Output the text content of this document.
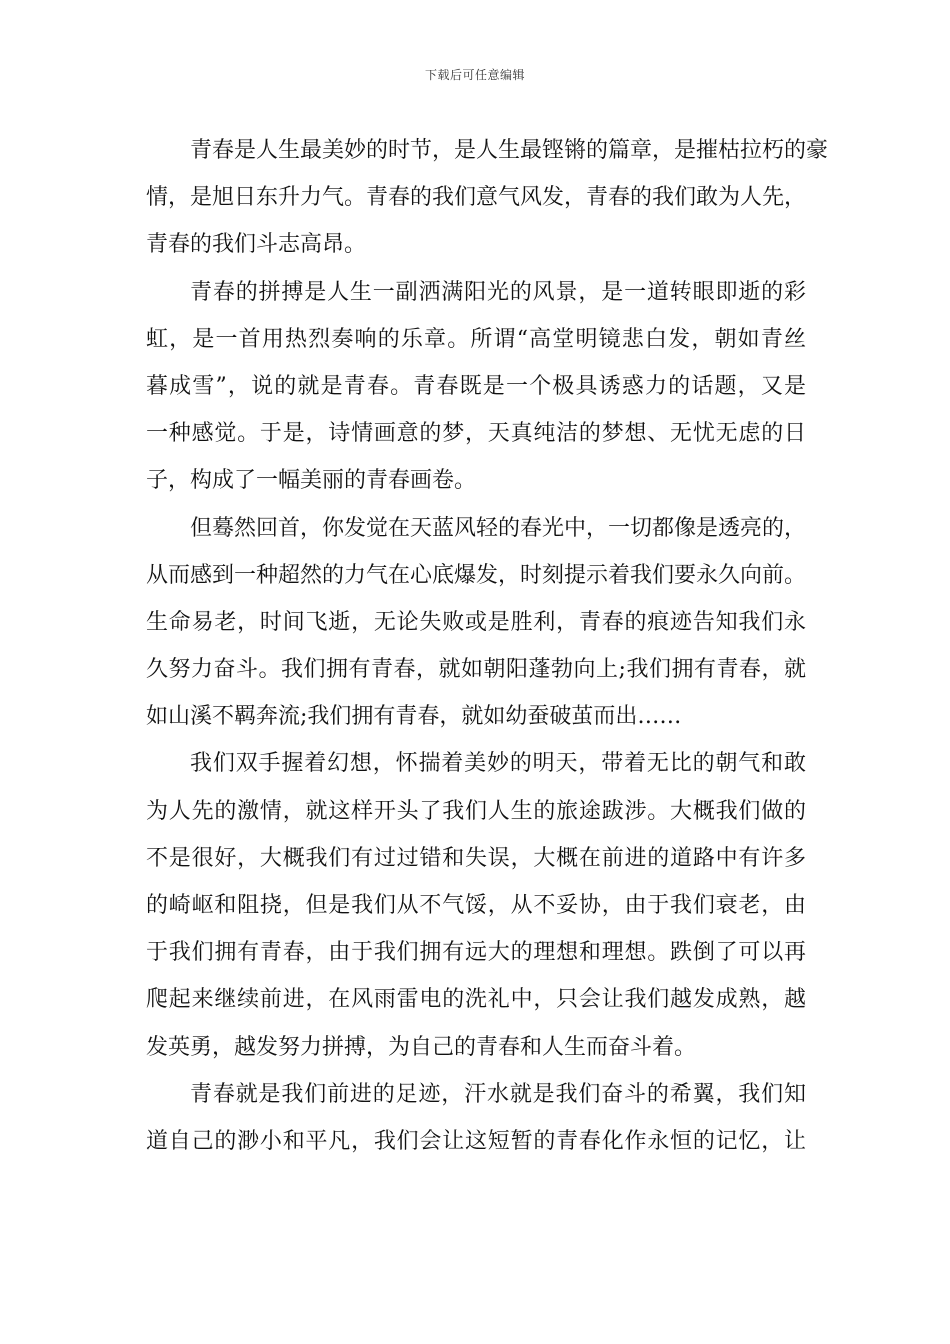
下载后可任意编辑
青春是人生最美妙的时节，是人生最铿锵的篇章，是摧枯拉朽的豪
情，是旭日东升力气。青春的我们意气风发，青春的我们敢为人先，
青春的我们斗志高昂。
青春的拼搏是人生一副洒满阳光的风景，是一道转眼即逝的彩
虹，是一首用热烈奏响的乐章。所谓“高堂明镜悲白发，朝如青丝
暮成雪”，说的就是青春。青春既是一个极具诱惑力的话题，又是
一种感觉。于是，诗情画意的梦，天真纯洁的梦想、无忧无虑的日
子，构成了一幅美丽的青春画卷。
但蓦然回首，你发觉在天蓝风轻的春光中，一切都像是透亮的，
从而感到一种超然的力气在心底爆发，时刻提示着我们要永久向前。
生命易老，时间飞逝，无论失败或是胜利，青春的痕迹告知我们永
久努力奋斗。我们拥有青春，就如朝阳蓬勃向上;我们拥有青春，就
如山溪不羁奔流;我们拥有青春，就如幼蚕破茧而出……
我们双手握着幻想，怀揣着美妙的明天，带着无比的朝气和敢
为人先的激情，就这样开头了我们人生的旅途跋涉。大概我们做的
不是很好，大概我们有过过错和失误，大概在前进的道路中有许多
的崎岖和阻挠，但是我们从不气馁，从不妥协，由于我们衰老，由
于我们拥有青春，由于我们拥有远大的理想和理想。跌倒了可以再
爬起来继续前进，在风雨雷电的洗礼中，只会让我们越发成熟，越
发英勇，越发努力拼搏，为自己的青春和人生而奋斗着。
青春就是我们前进的足迹，汗水就是我们奋斗的希翼，我们知
道自己的渺小和平凡，我们会让这短暂的青春化作永恒的记忆，让
